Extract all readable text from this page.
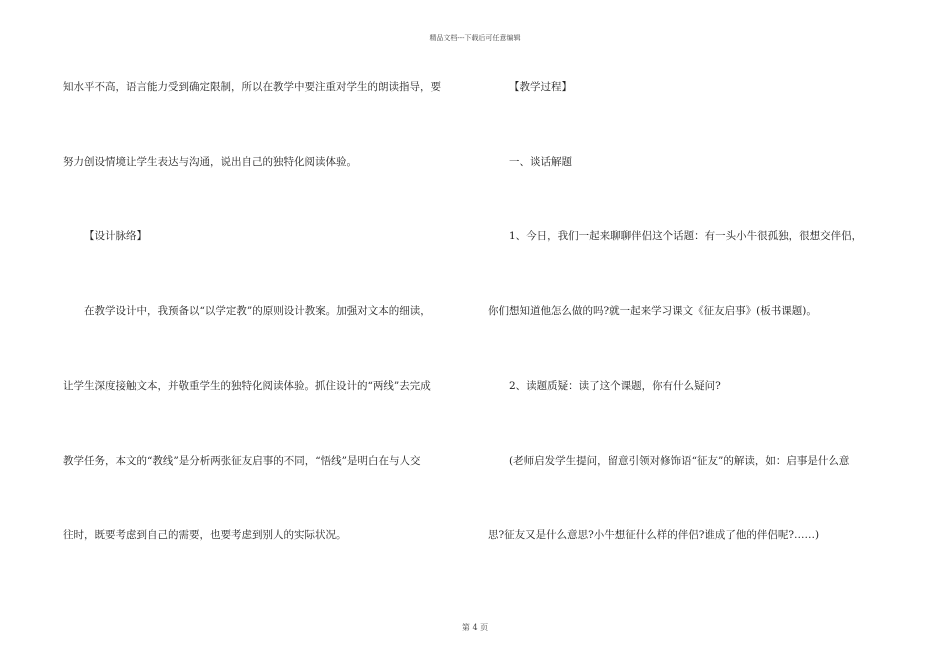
精品文档---下载后可任意编辑
知水平不高，语言能力受到确定限制，所以在教学中要注重对学生的朗读指导，要
努力创设情境让学生表达与沟通，说出自己的独特化阅读体验。
【设计脉络】
在教学设计中，我预备以“以学定教”的原则设计教案。加强对文本的细读，
让学生深度接触文本，并敬重学生的独特化阅读体验。抓住设计的“两线”去完成
教学任务，本文的“教线”是分析两张征友启事的不同，“悟线”是明白在与人交
往时，既要考虑到自己的需要，也要考虑到别人的实际状况。
【教学过程】
一、谈话解题
1、今日，我们一起来聊聊伴侣这个话题：有一头小牛很孤独，很想交伴侣，
你们想知道他怎么做的吗?就一起来学习课文《征友启事》(板书课题)。
2、读题质疑：读了这个课题，你有什么疑问?
(老师启发学生提问，留意引领对修饰语“征友”的解读，如：启事是什么意
思?征友又是什么意思?小牛想征什么样的伴侣?谁成了他的伴侣呢?……)
第 4 页
